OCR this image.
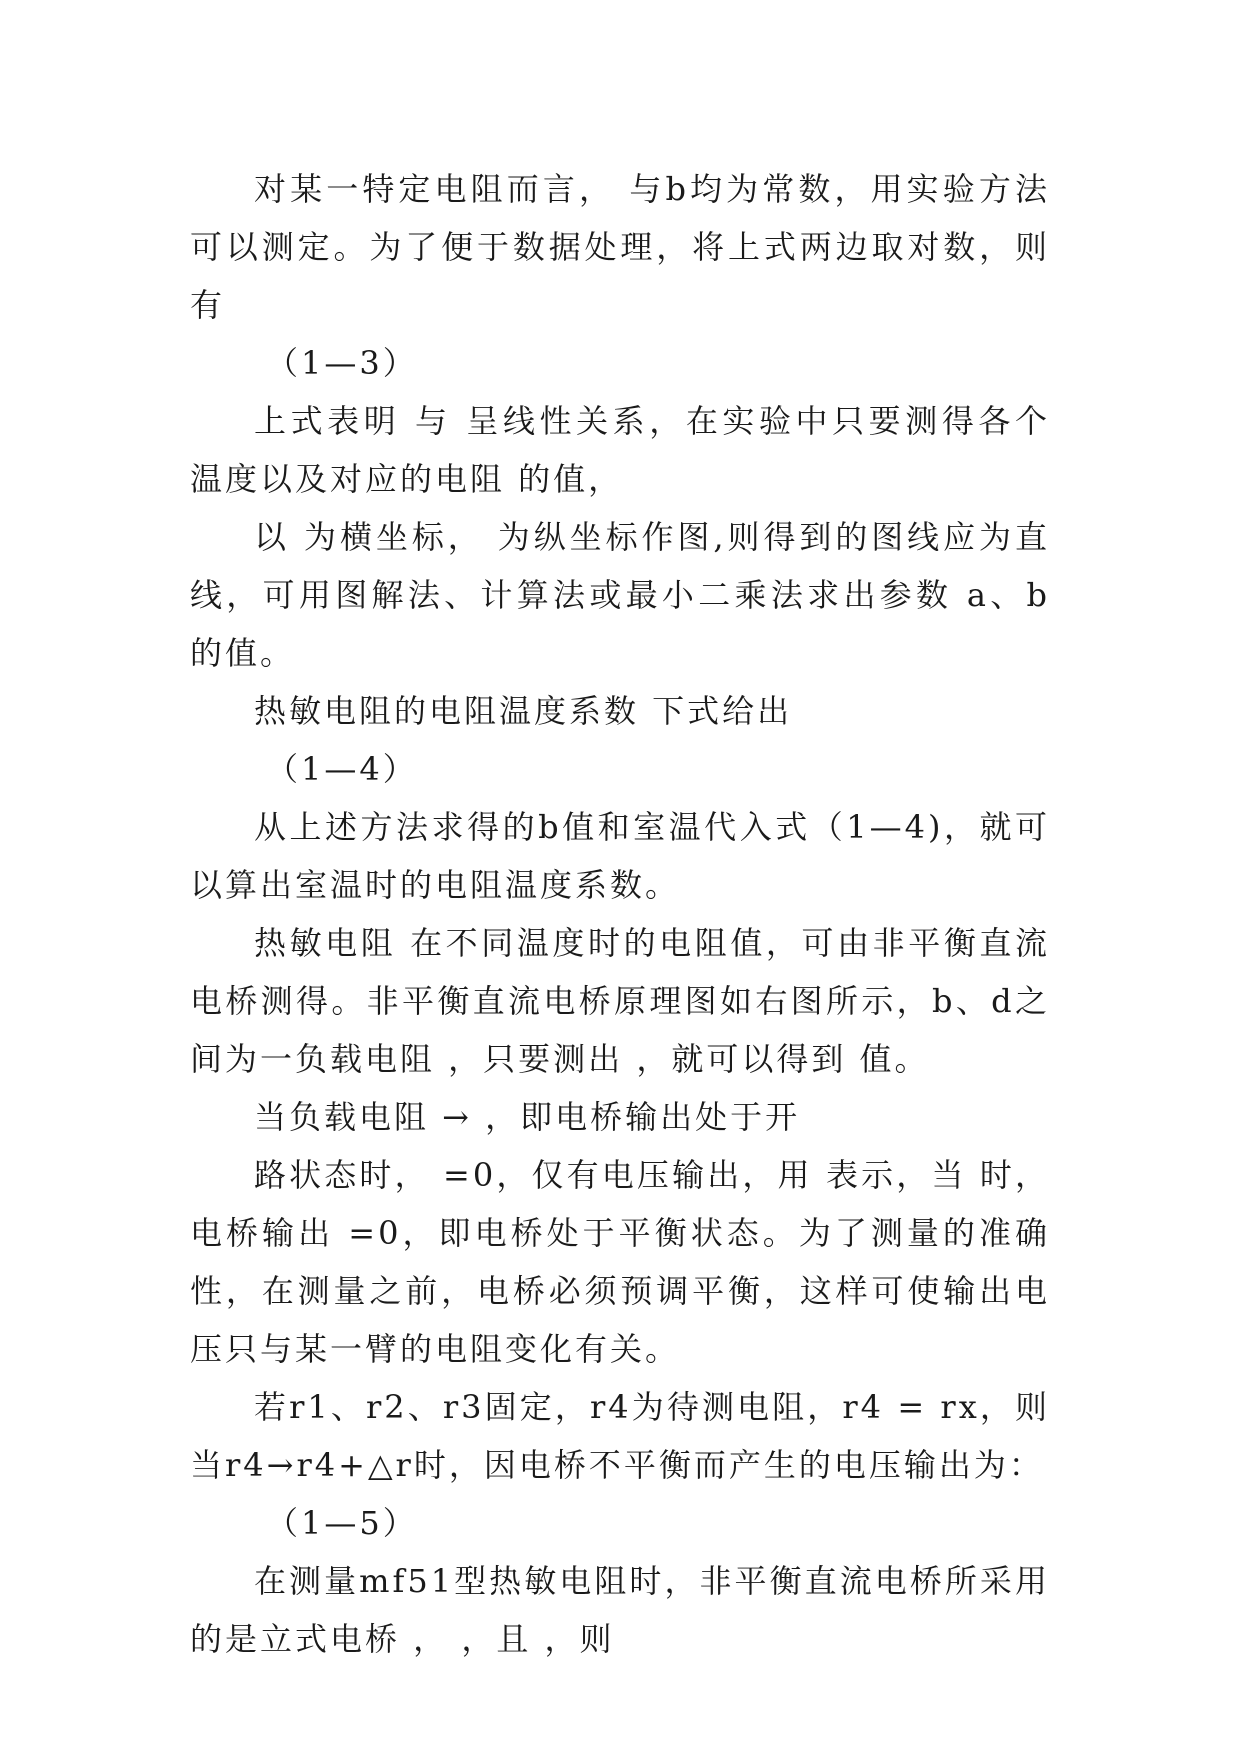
对某一特定电阻而言， 与b均为常数，用实验方法可以测定。为了便于数据处理，将上式两边取对数，则有

（1—3）

上式表明 与 呈线性关系，在实验中只要测得各个温度以及对应的电阻 的值，

以 为横坐标， 为纵坐标作图,则得到的图线应为直线，可用图解法、计算法或最小二乘法求出参数 a、b的值。

热敏电阻的电阻温度系数 下式给出

（1—4）

从上述方法求得的b值和室温代入式（1—4)，就可以算出室温时的电阻温度系数。

热敏电阻 在不同温度时的电阻值，可由非平衡直流电桥测得。非平衡直流电桥原理图如右图所示，b、d之间为一负载电阻 ，只要测出 ，就可以得到 值。

当负载电阻 → ，即电桥输出处于开

路状态时， =0，仅有电压输出，用 表示，当 时，电桥输出 =0，即电桥处于平衡状态。为了测量的准确性，在测量之前，电桥必须预调平衡，这样可使输出电压只与某一臂的电阻变化有关。

若r1、r2、r3固定，r4为待测电阻，r4 = rx，则当r4→r4+△r时，因电桥不平衡而产生的电压输出为：

（1—5）

在测量mf51型热敏电阻时，非平衡直流电桥所采用的是立式电桥 ， ，且 ，则
